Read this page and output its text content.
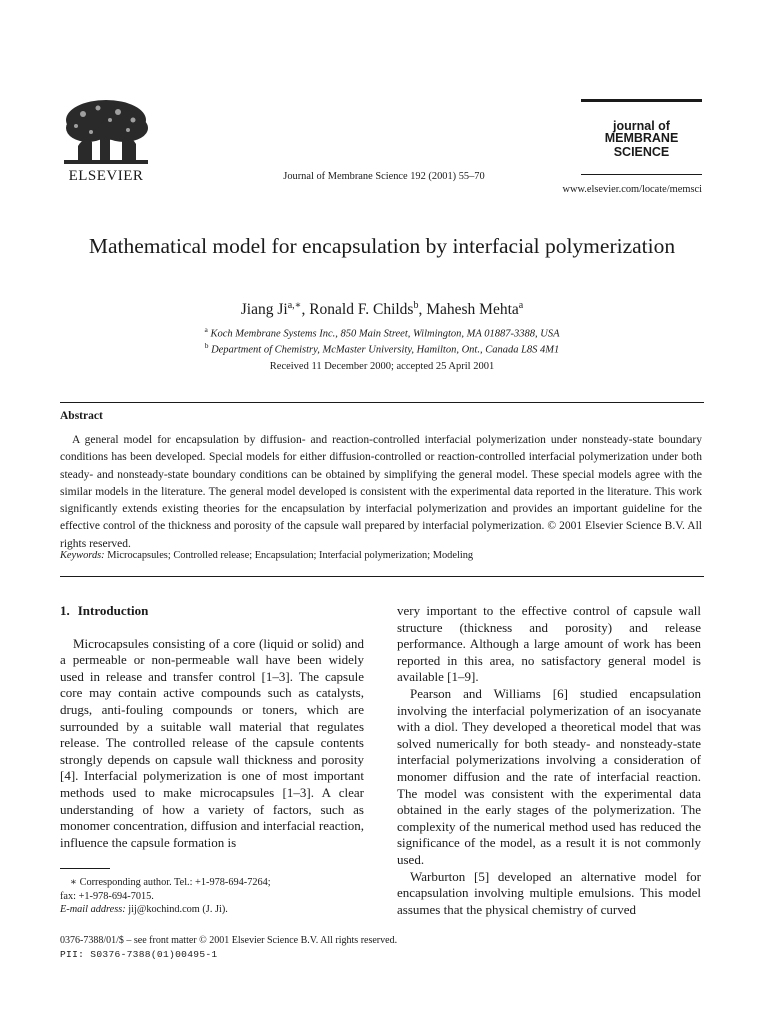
ELSEVIER	Journal of Membrane Science 192 (2001) 55–70
journal of
MEMBRANE
SCIENCE
www.elsevier.com/locate/memsci
Mathematical model for encapsulation by interfacial polymerization
Jiang $Ji^{a,∗}$, Ronald F. Childs$^b$, Mahesh Mehta$^a$
$^a$ Koch Membrane Systems Inc., 850 Main Street, Wilmington, MA 01887-3388, USA
$^b$ Department of Chemistry, McMaster University, Hamilton, Ont., Canada L8S 4M1
Received 11 December 2000; accepted 25 April 2001
Abstract
A general model for encapsulation by diffusion- and reaction-controlled interfacial polymerization under nonsteady-state boundary conditions has been developed. Special models for either diffusion-controlled or reaction-controlled interfacial polymerization under both steady- and nonsteady-state boundary conditions can be obtained by simplifying the general model. These special models agree with the similar models in the literature. The general model developed is consistent with the experimental data reported in the literature. This work significantly extends existing theories for the encapsulation by interfacial polymerization and provides an important guideline for the effective control of the thickness and porosity of the capsule wall prepared by interfacial polymerization. © 2001 Elsevier Science B.V. All rights reserved.
Keywords: Microcapsules; Controlled release; Encapsulation; Interfacial polymerization; Modeling
1. Introduction

Microcapsules consisting of a core (liquid or solid) and a permeable or non-permeable wall have been widely used in release and transfer control [1–3]. The capsule core may contain active compounds such as catalysts, drugs, anti-fouling compounds or toners, which are surrounded by a suitable wall material that regulates release. The controlled release of the capsule contents strongly depends on capsule wall thickness and porosity [4]. Interfacial polymerization is one of most important methods used to make microcapsules [1–3]. A clear understanding of how a variety of factors, such as monomer concentration, diffusion and interfacial reaction, influence the capsule formation is

very important to the effective control of capsule wall structure (thickness and porosity) and release performance. Although a large amount of work has been reported in this area, no satisfactory general model is available [1–9].

Pearson and Williams [6] studied encapsulation involving the interfacial polymerization of an isocyanate with a diol. They developed a theoretical model that was solved numerically for both steady- and nonsteady-state interfacial polymerizations involving a consideration of monomer diffusion and the rate of interfacial reaction. The model was consistent with the experimental data obtained in the early stages of the polymerization. The complexity of the numerical method used has reduced the significance of the model, as a result it is not commonly used.

Warburton [5] developed an alternative model for encapsulation involving multiple emulsions. This model assumes that the physical chemistry of curved

∗ Corresponding author. Tel.: +1-978-694-7264;
fax: +1-978-694-7015.
E-mail address: jij@kochind.com (J. Ji).
0376-7388/01/$ – see front matter © 2001 Elsevier Science B.V. All rights reserved.
PII: S0376-7388(01)00495-1
